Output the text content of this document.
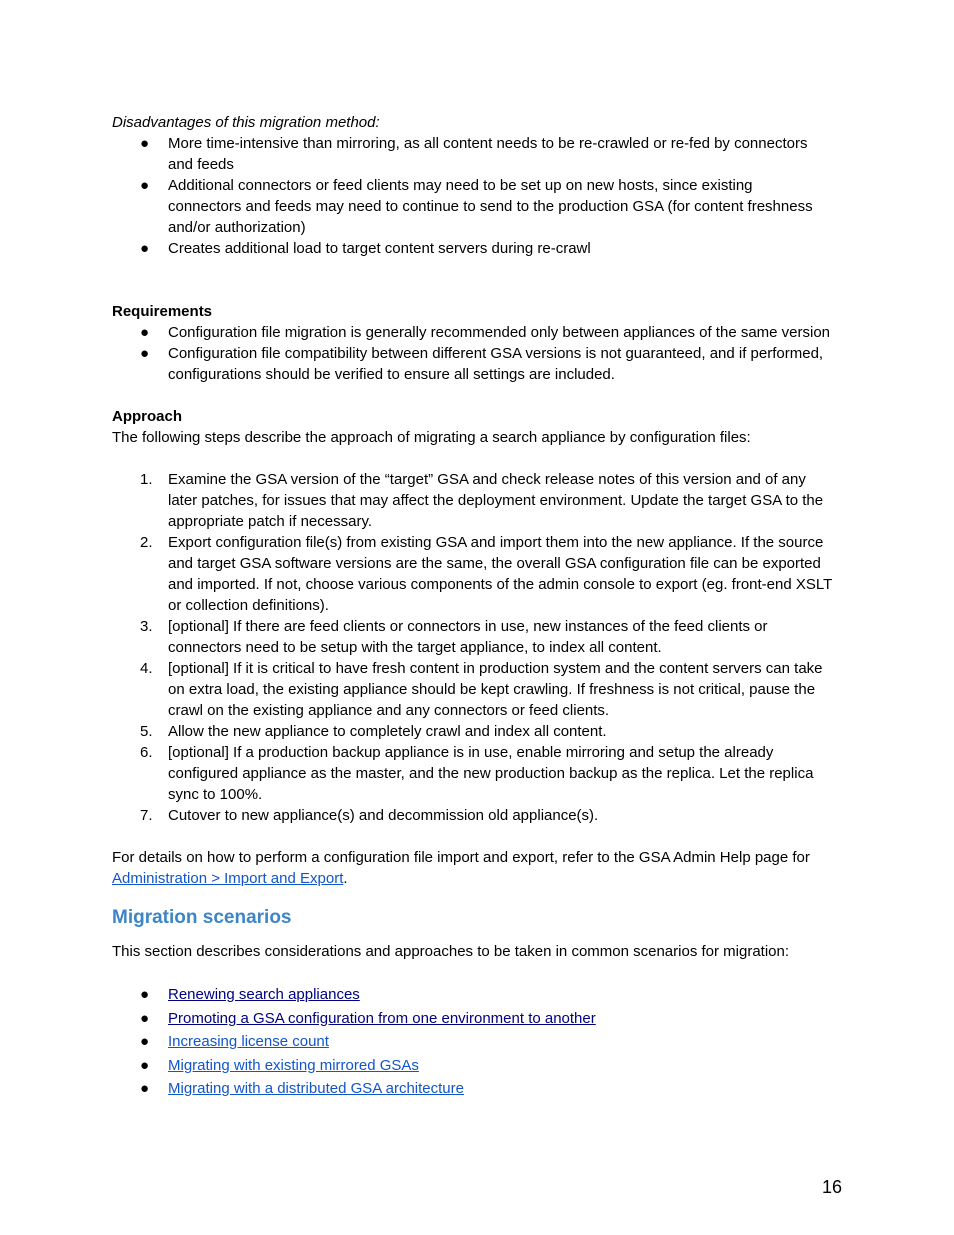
Disadvantages of this migration method:

●	More time-intensive than mirroring, as all content needs to be re-crawled or re-fed by connectors
and feeds
●	Additional connectors or feed clients may need to be set up on new hosts, since existing
connectors and feeds may need to continue to send to the production GSA (for content freshness
and/or authorization)
●	Creates additional load to target content servers during re-crawl

Requirements

●	Configuration file migration is generally recommended only between appliances of the same version
●	Configuration file compatibility between different GSA versions is not guaranteed, and if performed,
configurations should be verified to ensure all settings are included.

Approach

The following steps describe the approach of migrating a search appliance by configuration files:

1.	Examine the GSA version of the “target” GSA and check release notes of this version and of any
later patches, for issues that may affect the deployment environment. Update the target GSA to the
appropriate patch if necessary.
2.	Export configuration file(s) from existing GSA and import them into the new appliance. If the source
and target GSA software versions are the same, the overall GSA configuration file can be exported
and imported. If not, choose various components of the admin console to export (eg. front-end XSLT
or collection definitions).
3.	[optional] If there are feed clients or connectors in use, new instances of the feed clients or
connectors need to be setup with the target appliance, to index all content.
4.	[optional] If it is critical to have fresh content in production system and the content servers can take
on extra load, the existing appliance should be kept crawling. If freshness is not critical, pause the
crawl on the existing appliance and any connectors or feed clients.
5.	Allow the new appliance to completely crawl and index all content.
6.	[optional] If a production backup appliance is in use, enable mirroring and setup the already
configured appliance as the master, and the new production backup as the replica. Let the replica
sync to 100%.
7.	Cutover to new appliance(s) and decommission old appliance(s).

For details on how to perform a configuration file import and export, refer to the GSA Admin Help page for
Administration > Import and Export.

Migration scenarios

This section describes considerations and approaches to be taken in common scenarios for migration:

●	Renewing search appliances
●	Promoting a GSA configuration from one environment to another
●	Increasing license count
●	Migrating with existing mirrored GSAs
●	Migrating with a distributed GSA architecture
16
